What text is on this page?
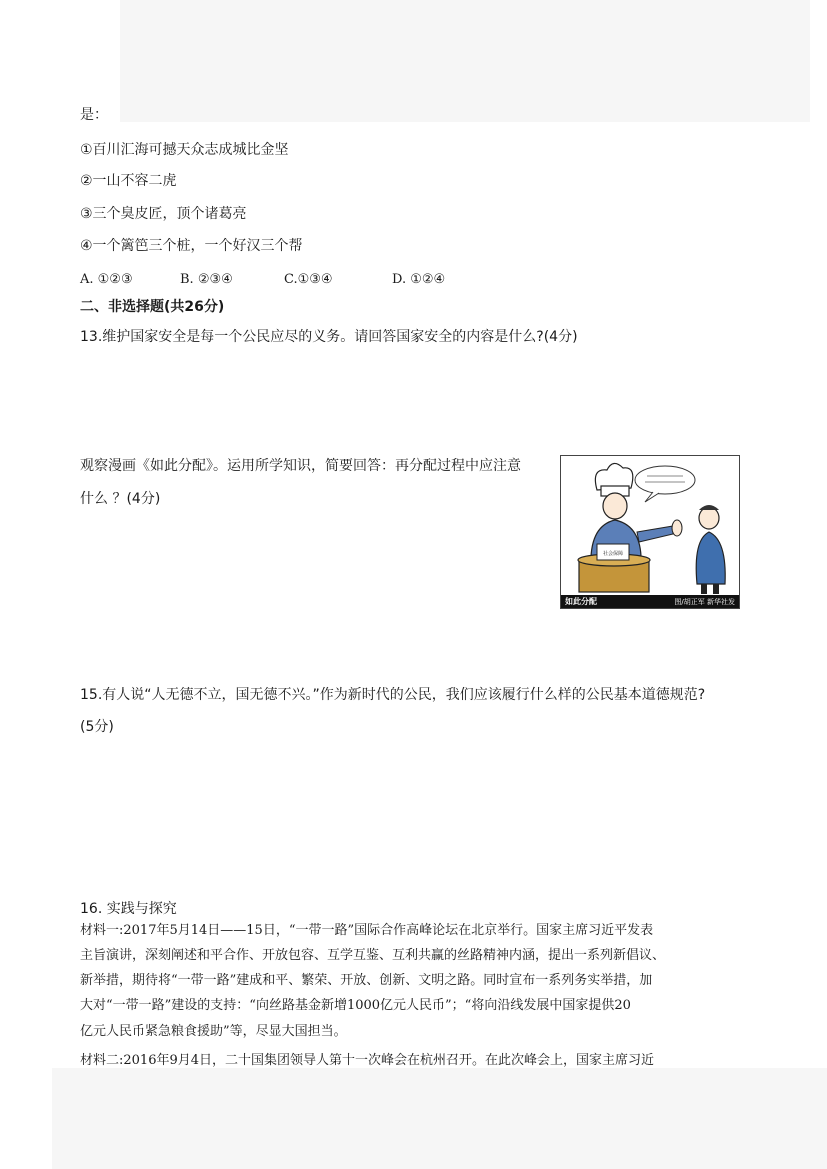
是：
①百川汇海可撼天众志成城比金坚
②一山不容二虎
③三个臭皮匠，顶个诸葛亮
④一个篱笆三个桩，一个好汉三个帮
A. ①②③	B. ②③④	C.①③④	D. ①②④
二、非选择题(共26分)
13.维护国家安全是每一个公民应尽的义务。请回答国家安全的内容是什么?(4分)
观察漫画《如此分配》。运用所学知识，简要回答：再分配过程中应注意
什么 ？(4分)
社会保障
如此分配	图/胡正军 新华社发
15.有人说“人无德不立，国无德不兴。”作为新时代的公民，我们应该履行什么样的公民基本道德规范?
(5分)
16. 实践与探究
材料一:2017年5月14日——15日，“一带一路”国际合作高峰论坛在北京举行。国家主席习近平发表
主旨演讲，深刻阐述和平合作、开放包容、互学互鉴、互利共赢的丝路精神内涵，提出一系列新倡议、
新举措，期待将“一带一路”建成和平、繁荣、开放、创新、文明之路。同时宣布一系列务实举措，加
大对“一带一路”建设的支持：“向丝路基金新增1000亿元人民币”；“将向沿线发展中国家提供20
亿元人民币紧急粮食援助”等，尽显大国担当。
材料二:2016年9月4日，二十国集团领导人第十一次峰会在杭州召开。在此次峰会上，国家主席习近
